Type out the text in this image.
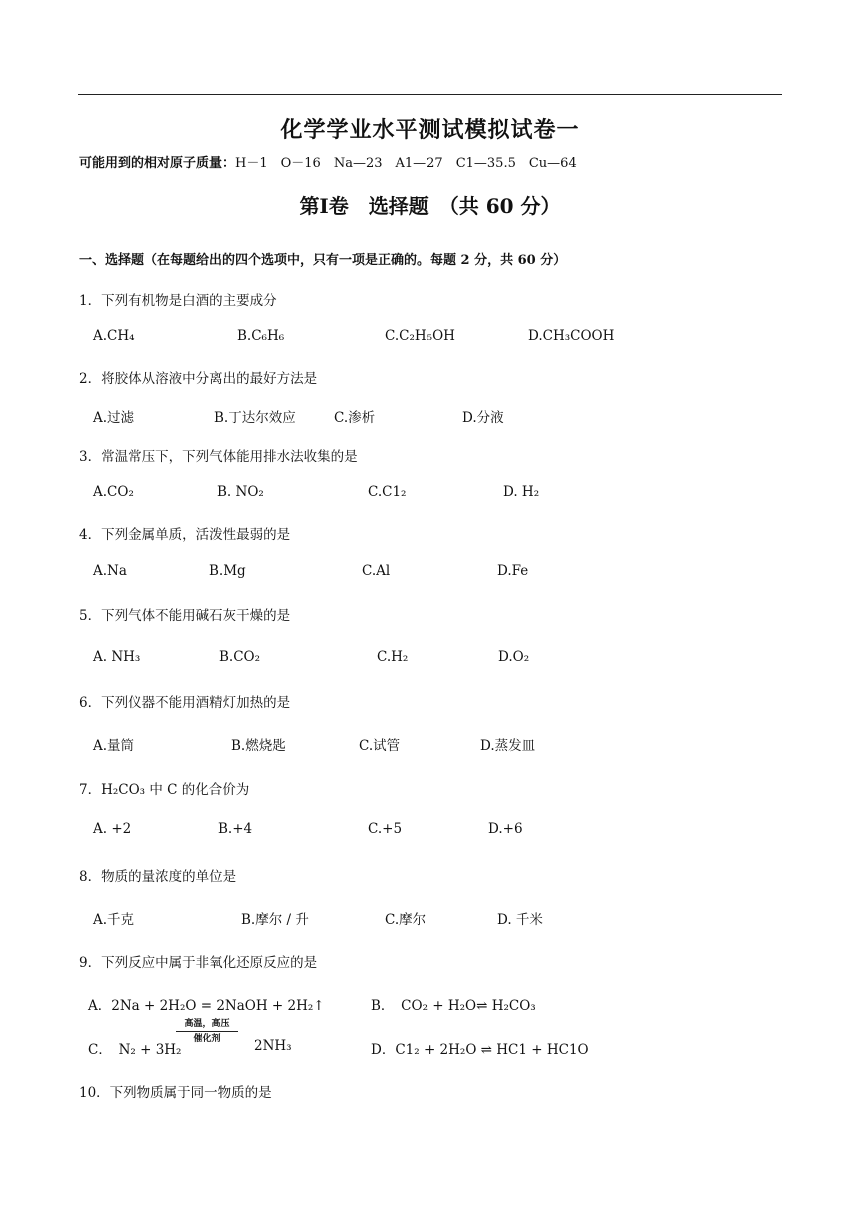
化学学业水平测试模拟试卷一
可能用到的相对原子质量：H－1　O－16　Na—23　A1—27　C1—35.5　Cu—64
第Ⅰ卷　选择题　（共 60 分）
一、选择题（在每题给出的四个选项中，只有一项是正确的。每题 2 分，共 60 分）
1．下列有机物是白酒的主要成分
A.CH₄	B.C₆H₆	C.C₂H₅OH	D.CH₃COOH
2．将胶体从溶液中分离出的最好方法是
A.过滤	B.丁达尔效应	C.渗析	D.分液
3．常温常压下，下列气体能用排水法收集的是
A.CO₂	B. NO₂	C.C1₂	D. H₂
4．下列金属单质，活泼性最弱的是
A.Na	B.Mg	C.Al	D.Fe
5．下列气体不能用碱石灰干燥的是
A. NH₃	B.CO₂	C.H₂	D.O₂
6．下列仪器不能用酒精灯加热的是
A.量筒	B.燃烧匙	C.试管	D.蒸发皿
7．H₂CO₃ 中 C 的化合价为
A. +2	B.+4	C.+5	D.+6
8．物质的量浓度的单位是
A.千克	B.摩尔 / 升	C.摩尔	D. 千米
9．下列反应中属于非氧化还原反应的是
A．2Na + 2H₂O = 2NaOH + 2H₂↑	B．　CO₂ + H₂O⇌ H₂CO₃
C．　N₂ + 3H₂
高温，高压
催化剂	2NH₃	D．C1₂ + 2H₂O ⇌ HC1 + HC1O
10．下列物质属于同一物质的是
